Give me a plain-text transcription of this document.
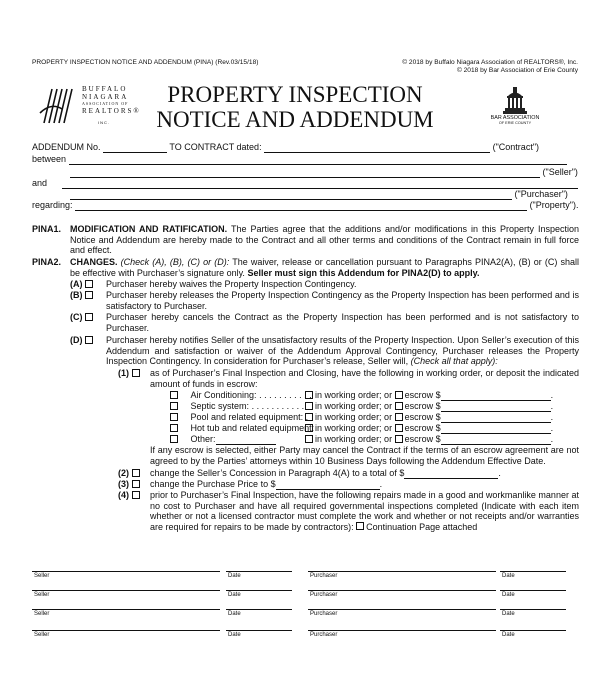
PROPERTY INSPECTION NOTICE AND ADDENDUM (PINA) (Rev.03/15/18)	© 2018 by Buffalo Niagara Association of REALTORS®, Inc.
© 2018 by Bar Association of Erie County
BUFFALO
NIAGARA
ASSOCIATION OF
REALTORS®
INC.
PROPERTY INSPECTION
NOTICE AND ADDENDUM	BAR ASSOCIATION
OF ERIE COUNTY
ADDENDUM No.	TO CONTRACT dated:	("Contract")
between
("Seller")
and
("Purchaser")
regarding:	("Property").
PINA1. MODIFICATION AND RATIFICATION. The Parties agree that the additions and/or modifications in this Property Inspection Notice and Addendum are hereby made to the Contract and all other terms and conditions of the Contract remain in full force and effect.
PINA2. CHANGES. (Check (A), (B), (C) or (D): The waiver, release or cancellation pursuant to Paragraphs PINA2(A), (B) or (C) shall be effective with Purchaser’s signature only. Seller must sign this Addendum for PINA2(D) to apply.
(A)	Purchaser hereby waives the Property Inspection Contingency.
(B)	Purchaser hereby releases the Property Inspection Contingency as the Property Inspection has been performed and is satisfactory to Purchaser.
(C)	Purchaser hereby cancels the Contract as the Property Inspection has been performed and is not satisfactory to Purchaser.
(D)	Purchaser hereby notifies Seller of the unsatisfactory results of the Property Inspection. Upon Seller’s execution of this Addendum and satisfaction or waiver of the Addendum Approval Contingency, Purchaser releases the Property Inspection Contingency. In consideration for Purchaser’s release, Seller will, (Check all that apply):
(1)	as of Purchaser’s Final Inspection and Closing, have the following in working order, or deposit the indicated amount of funds in escrow:
Air Conditioning: . . . . . . . . . . . in working order; or escrow $	.
Septic system: . . . . . . . . . . . in working order; or escrow $	.
Pool and related equipment: . in working order; or escrow $	.
Hot tub and related equipment: in working order; or escrow $	.
Other:	in working order; or escrow $	.
If any escrow is selected, either Party may cancel the Contract if the terms of an escrow agreement are not agreed to by the Parties’ attorneys within 10 Business Days following the Addendum Effective Date.
(2)	change the Seller’s Concession in Paragraph 4(A) to a total of $	.
(3)	change the Purchase Price to $	.
(4)	prior to Purchaser’s Final Inspection, have the following repairs made in a good and workmanlike manner at no cost to Purchaser and have all required governmental inspections completed (Indicate with each item whether or not a licensed contractor must complete the work and whether or not receipts and/or warranties are required for repairs to be made by contractors): Continuation Page attached
Seller	Date	Purchaser	Date
Seller	Date	Purchaser	Date
Seller	Date	Purchaser	Date
Seller	Date	Purchaser	Date
